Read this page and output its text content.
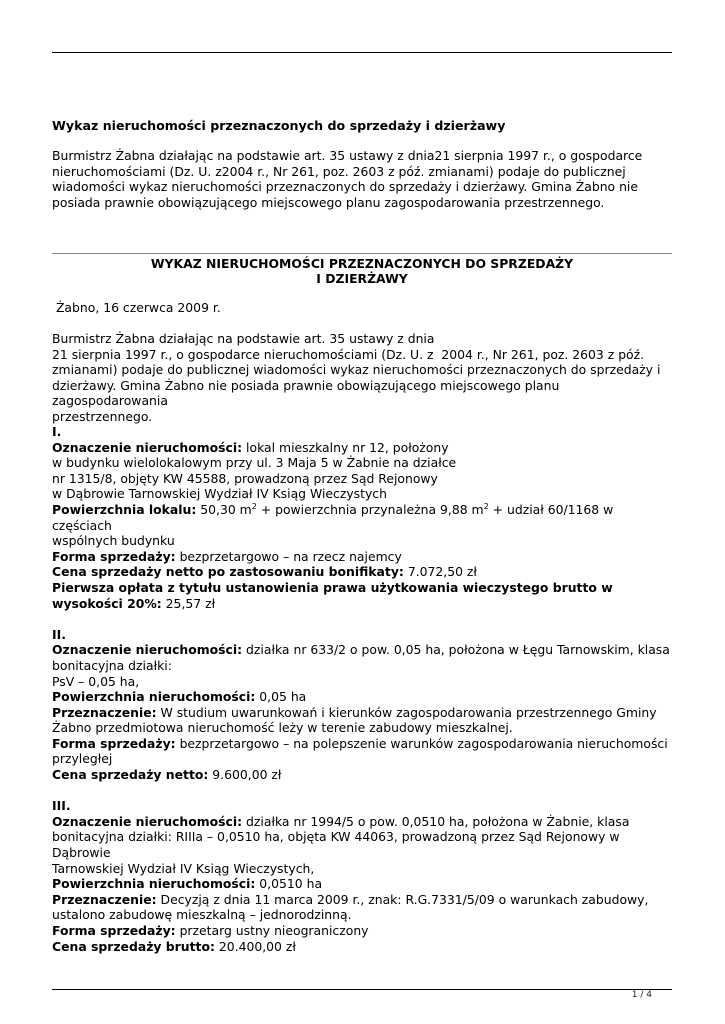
Wykaz nieruchomości przeznaczonych do sprzedaży i dzierżawy
Burmistrz Żabna działając na podstawie art. 35 ustawy z dnia21 sierpnia 1997 r., o gospodarce
nieruchomościami (Dz. U. z2004 r., Nr 261, poz. 2603 z póź. zmianami) podaje do publicznej
wiadomości wykaz nieruchomości przeznaczonych do sprzedaży i dzierżawy. Gmina Żabno nie
posiada prawnie obowiązującego miejscowego planu zagospodarowania przestrzennego.
WYKAZ NIERUCHOMOŚCI PRZEZNACZONYCH DO SPRZEDAŻY
I DZIERŻAWY
Żabno, 16 czerwca 2009 r.
Burmistrz Żabna działając na podstawie art. 35 ustawy z dnia
21 sierpnia 1997 r., o gospodarce nieruchomościami (Dz. U. z  2004 r., Nr 261, poz. 2603 z póź.
zmianami) podaje do publicznej wiadomości wykaz nieruchomości przeznaczonych do sprzedaży i
dzierżawy. Gmina Żabno nie posiada prawnie obowiązującego miejscowego planu zagospodarowania
przestrzennego.
I.
Oznaczenie nieruchomości: lokal mieszkalny nr 12, położony
w budynku wielolokalowym przy ul. 3 Maja 5 w Żabnie na działce
nr 1315/8, objęty KW 45588, prowadzoną przez Sąd Rejonowy
w Dąbrowie Tarnowskiej Wydział IV Ksiąg Wieczystych
Powierzchnia lokalu: 50,30 $m^2$ + powierzchnia przynależna 9,88 $m^2$ + udział 60/1168 w częściach
wspólnych budynku
Forma sprzedaży: bezprzetargowo – na rzecz najemcy
Cena sprzedaży netto po zastosowaniu bonifikaty: 7.072,50 zł
Pierwsza opłata z tytułu ustanowienia prawa użytkowania wieczystego brutto w
wysokości 20%: 25,57 zł
II.
Oznaczenie nieruchomości: działka nr 633/2 o pow. 0,05 ha, położona w Łęgu Tarnowskim, klasa
bonitacyjna działki:
PsV – 0,05 ha,
Powierzchnia nieruchomości: 0,05 ha
Przeznaczenie: W studium uwarunkowań i kierunków zagospodarowania przestrzennego Gminy
Żabno przedmiotowa nieruchomość leży w terenie zabudowy mieszkalnej.
Forma sprzedaży: bezprzetargowo – na polepszenie warunków zagospodarowania nieruchomości
przyległej
Cena sprzedaży netto: 9.600,00 zł
III.
Oznaczenie nieruchomości: działka nr 1994/5 o pow. 0,0510 ha, położona w Żabnie, klasa
bonitacyjna działki: RIIIa – 0,0510 ha, objęta KW 44063, prowadzoną przez Sąd Rejonowy w Dąbrowie
Tarnowskiej Wydział IV Ksiąg Wieczystych,
Powierzchnia nieruchomości: 0,0510 ha
Przeznaczenie: Decyzją z dnia 11 marca 2009 r., znak: R.G.7331/5/09 o warunkach zabudowy,
ustalono zabudowę mieszkalną – jednorodzinną.
Forma sprzedaży: przetarg ustny nieograniczony
Cena sprzedaży brutto: 20.400,00 zł
1 / 4
